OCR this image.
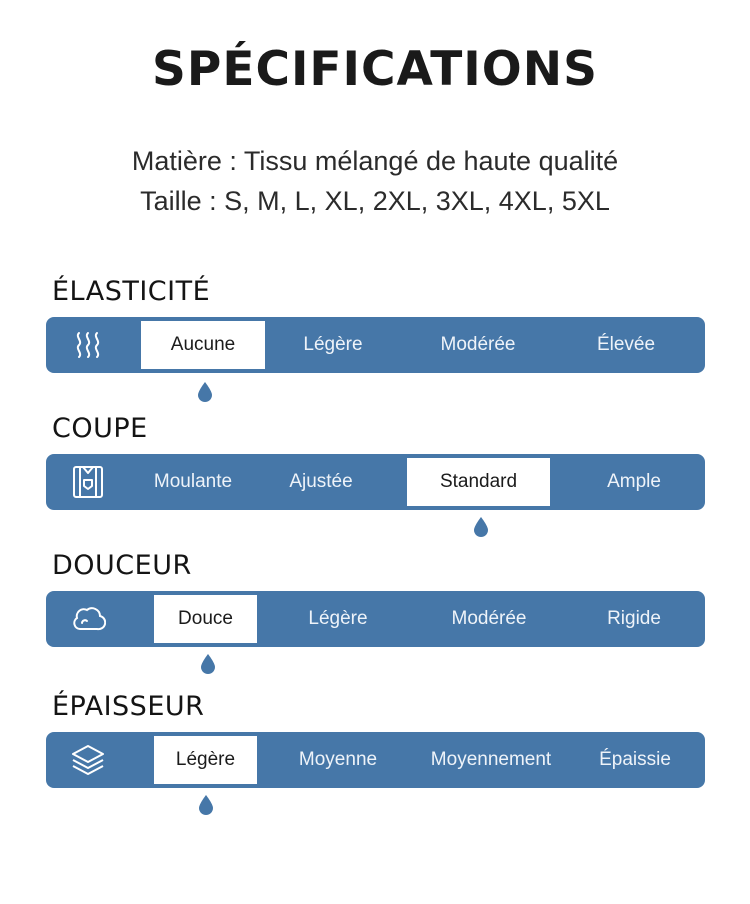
SPÉCIFICATIONS
Matière : Tissu mélangé de haute qualité
Taille : S, M, L, XL, 2XL, 3XL, 4XL, 5XL
ÉLASTICITÉ
Aucune	Légère	Modérée	Élevée
COUPE
Moulante	Ajustée	Standard	Ample
DOUCEUR
Douce	Légère	Modérée	Rigide
ÉPAISSEUR
Légère	Moyenne	Moyennement	Épaissie
